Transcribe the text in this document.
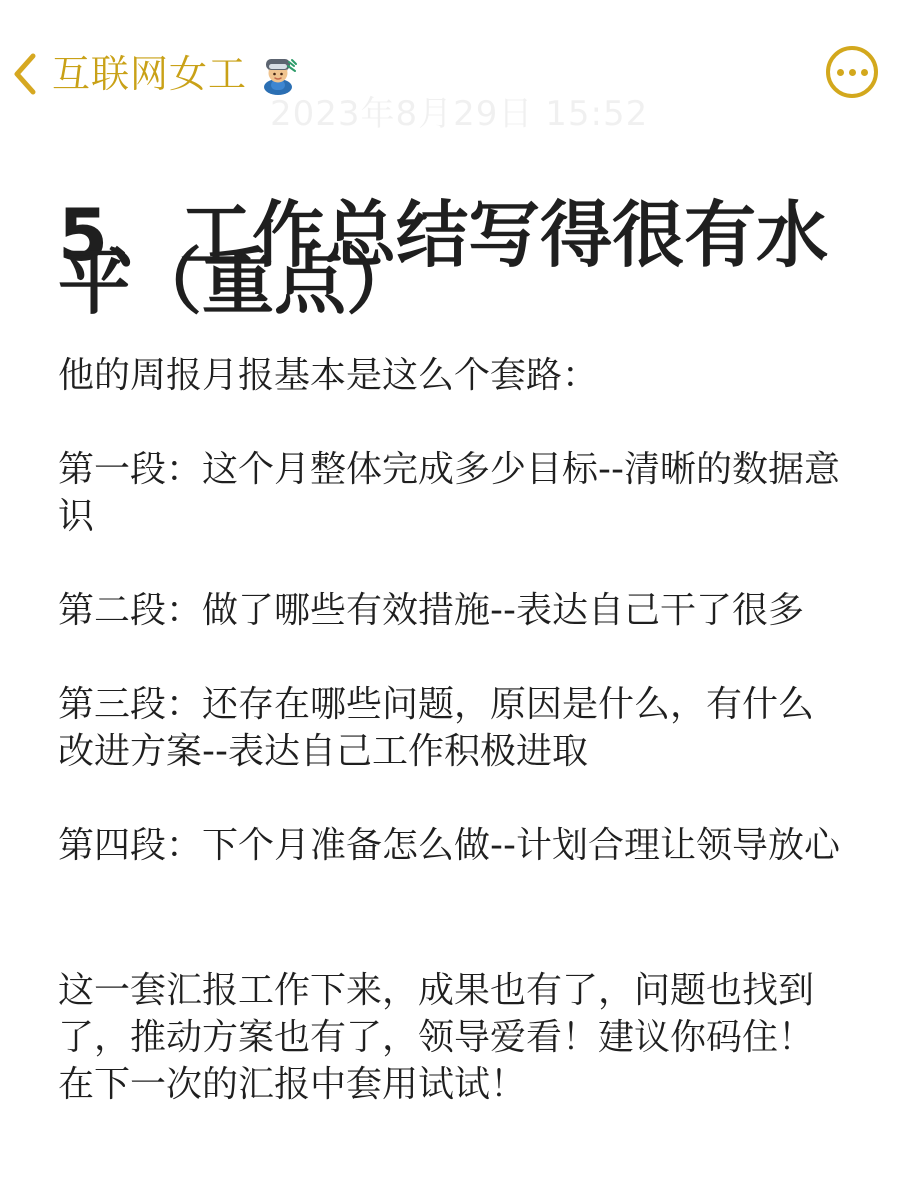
互联网女工
2023年8月29日 15:52
5、工作总结写得很有水平（重点）

他的周报月报基本是这么个套路：

第一段：这个月整体完成多少目标--清晰的数据意识

第二段：做了哪些有效措施--表达自己干了很多

第三段：还存在哪些问题，原因是什么，有什么改进方案--表达自己工作积极进取

第四段：下个月准备怎么做--计划合理让领导放心

这一套汇报工作下来，成果也有了，问题也找到了，推动方案也有了，领导爱看！建议你码住！在下一次的汇报中套用试试！
